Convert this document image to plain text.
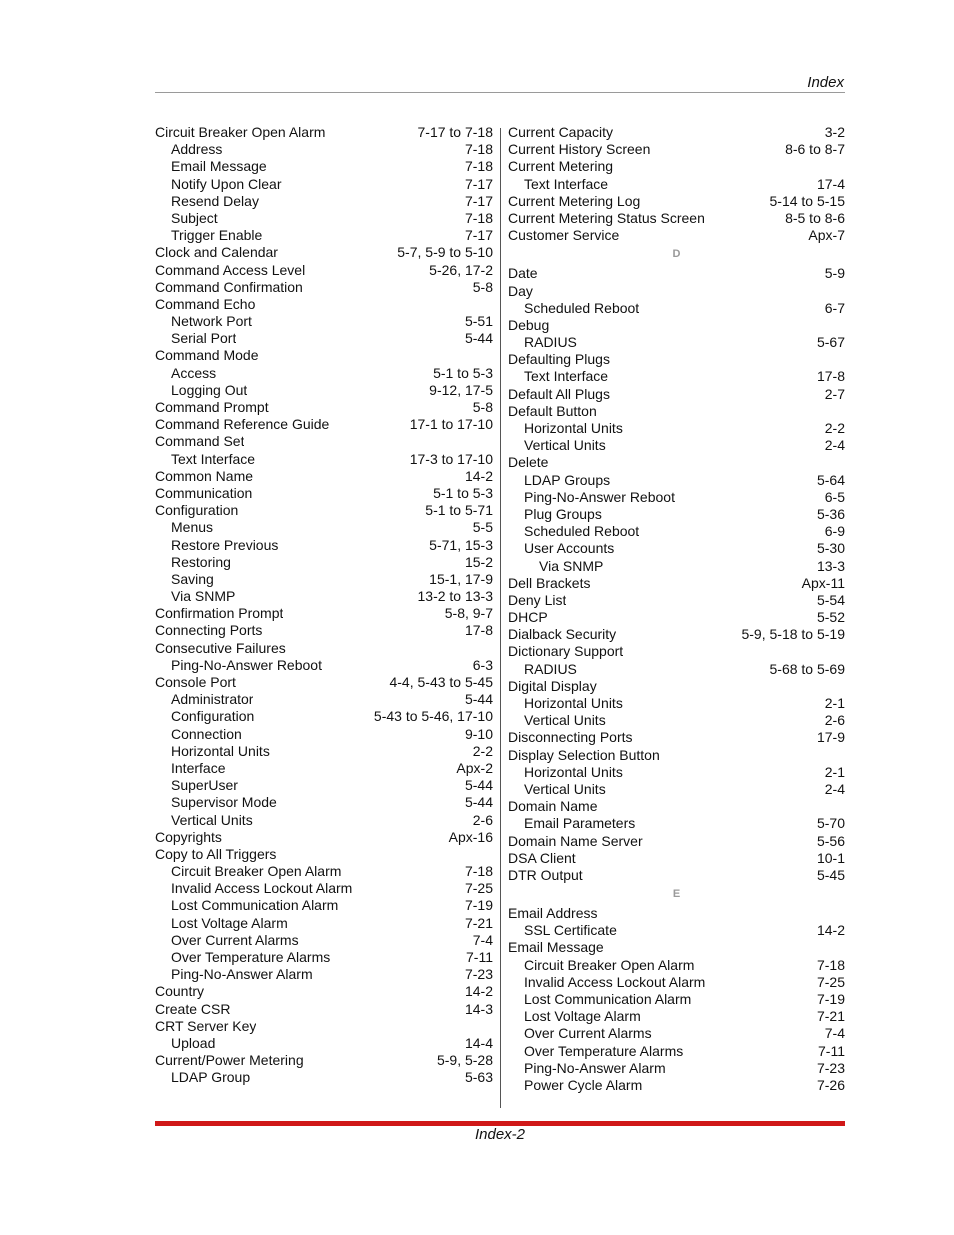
Index
Circuit Breaker Open Alarm	7-17 to 7-18
Address	7-18
Email Message	7-18
Notify Upon Clear	7-17
Resend Delay	7-17
Subject	7-18
Trigger Enable	7-17
Clock and Calendar	5-7, 5-9 to 5-10
Command Access Level	5-26, 17-2
Command Confirmation	5-8
Command Echo
Network Port	5-51
Serial Port	5-44
Command Mode
Access	5-1 to 5-3
Logging Out	9-12, 17-5
Command Prompt	5-8
Command Reference Guide	17-1 to 17-10
Command Set
Text Interface	17-3 to 17-10
Common Name	14-2
Communication	5-1 to 5-3
Configuration	5-1 to 5-71
Menus	5-5
Restore Previous	5-71, 15-3
Restoring	15-2
Saving	15-1, 17-9
Via SNMP	13-2 to 13-3
Confirmation Prompt	5-8, 9-7
Connecting Ports	17-8
Consecutive Failures
Ping-No-Answer Reboot	6-3
Console Port	4-4, 5-43 to 5-45
Administrator	5-44
Configuration	5-43 to 5-46, 17-10
Connection	9-10
Horizontal Units	2-2
Interface	Apx-2
SuperUser	5-44
Supervisor Mode	5-44
Vertical Units	2-6
Copyrights	Apx-16
Copy to All Triggers
Circuit Breaker Open Alarm	7-18
Invalid Access Lockout Alarm	7-25
Lost Communication Alarm	7-19
Lost Voltage Alarm	7-21
Over Current Alarms	7-4
Over Temperature Alarms	7-11
Ping-No-Answer Alarm	7-23
Country	14-2
Create CSR	14-3
CRT Server Key
Upload	14-4
Current/Power Metering	5-9, 5-28
LDAP Group	5-63
Current Capacity	3-2
Current History Screen	8-6 to 8-7
Current Metering
Text Interface	17-4
Current Metering Log	5-14 to 5-15
Current Metering Status Screen	8-5 to 8-6
Customer Service	Apx-7
D
Date	5-9
Day
Scheduled Reboot	6-7
Debug
RADIUS	5-67
Defaulting Plugs
Text Interface	17-8
Default All Plugs	2-7
Default Button
Horizontal Units	2-2
Vertical Units	2-4
Delete
LDAP Groups	5-64
Ping-No-Answer Reboot	6-5
Plug Groups	5-36
Scheduled Reboot	6-9
User Accounts	5-30
Via SNMP	13-3
Dell Brackets	Apx-11
Deny List	5-54
DHCP	5-52
Dialback Security	5-9, 5-18 to 5-19
Dictionary Support
RADIUS	5-68 to 5-69
Digital Display
Horizontal Units	2-1
Vertical Units	2-6
Disconnecting Ports	17-9
Display Selection Button
Horizontal Units	2-1
Vertical Units	2-4
Domain Name
Email Parameters	5-70
Domain Name Server	5-56
DSA Client	10-1
DTR Output	5-45
E
Email Address
SSL Certificate	14-2
Email Message
Circuit Breaker Open Alarm	7-18
Invalid Access Lockout Alarm	7-25
Lost Communication Alarm	7-19
Lost Voltage Alarm	7-21
Over Current Alarms	7-4
Over Temperature Alarms	7-11
Ping-No-Answer Alarm	7-23
Power Cycle Alarm	7-26
Index-2
